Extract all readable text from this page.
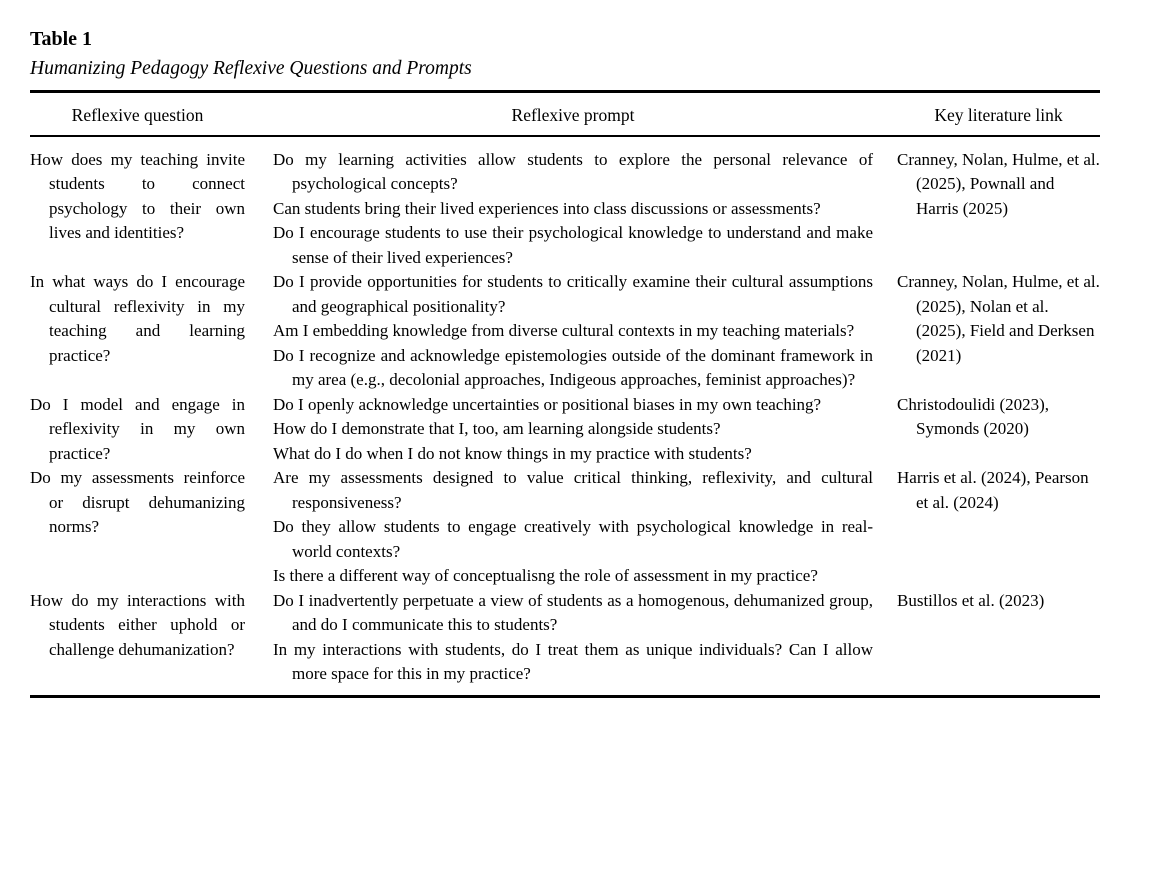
Table 1
Humanizing Pedagogy Reflexive Questions and Prompts
Reflexive question	Reflexive prompt	Key literature link
How does my teaching invite students to connect psychology to their own lives and identities?

Do my learning activities allow students to explore the personal relevance of psychological concepts?

Can students bring their lived experiences into class discussions or assessments?

Do I encourage students to use their psychological knowledge to understand and make sense of their lived experiences?

Cranney, Nolan, Hulme, et al. (2025), Pownall and Harris (2025)
In what ways do I encourage cultural reflexivity in my teaching and learning practice?

Do I provide opportunities for students to critically examine their cultural assumptions and geographical positionality?

Am I embedding knowledge from diverse cultural contexts in my teaching materials?

Do I recognize and acknowledge epistemologies outside of the dominant framework in my area (e.g., decolonial approaches, Indigeous approaches, feminist approaches)?

Cranney, Nolan, Hulme, et al. (2025), Nolan et al. (2025), Field and Derksen (2021)
Do I model and engage in reflexivity in my own practice?

Do I openly acknowledge uncertainties or positional biases in my own teaching?

How do I demonstrate that I, too, am learning alongside students?

What do I do when I do not know things in my practice with students?

Christodoulidi (2023), Symonds (2020)
Do my assessments reinforce or disrupt dehumanizing norms?

Are my assessments designed to value critical thinking, reflexivity, and cultural responsiveness?

Do they allow students to engage creatively with psychological knowledge in real-world contexts?

Is there a different way of conceptualisng the role of assessment in my practice?

Harris et al. (2024), Pearson et al. (2024)
How do my interactions with students either uphold or challenge dehumanization?

Do I inadvertently perpetuate a view of students as a homogenous, dehumanized group, and do I communicate this to students?

In my interactions with students, do I treat them as unique individuals? Can I allow more space for this in my practice?

Bustillos et al. (2023)
